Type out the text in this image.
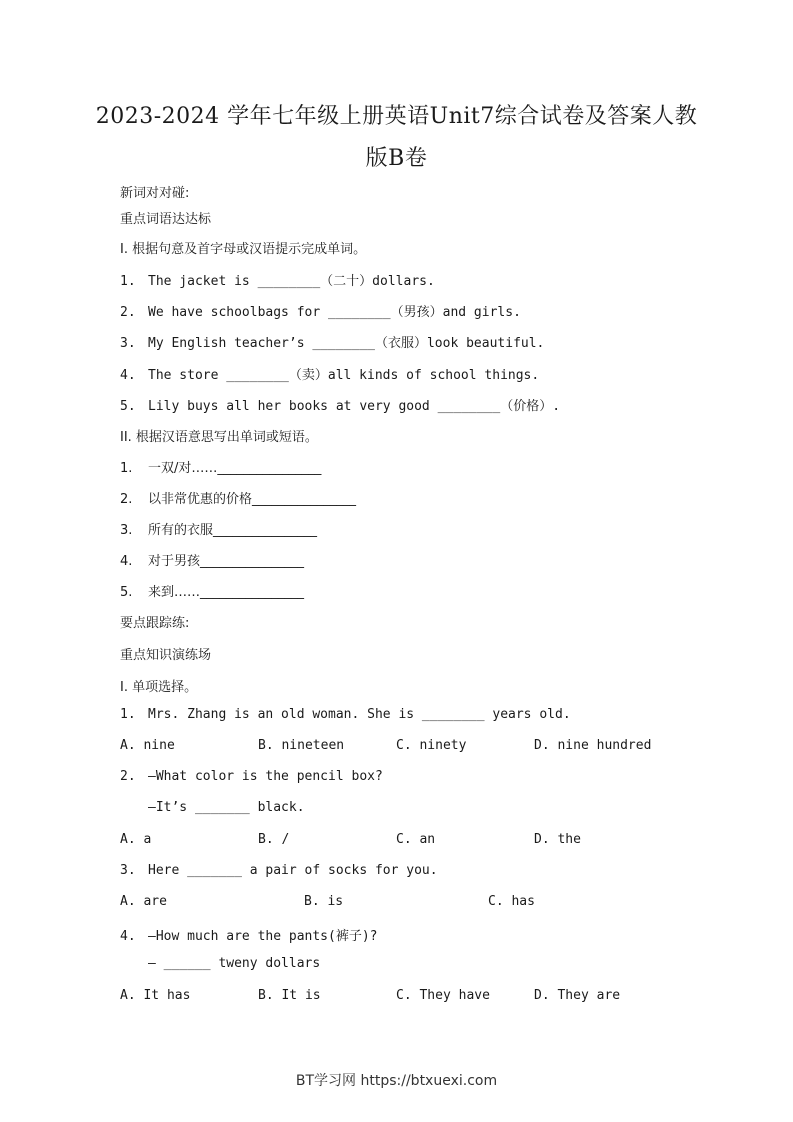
2023-2024 学年七年级上册英语Unit7综合试卷及答案人教
版B卷
新词对对碰:
重点词语达达标
I. 根据句意及首字母或汉语提示完成单词。
1. The jacket is ________（二十）dollars.
2. We have schoolbags for ________（男孩）and girls.
3. My English teacher’s ________（衣服）look beautiful.
4. The store ________（卖）all kinds of school things.
5. Lily buys all her books at very good ________（价格）.
II. 根据汉语意思写出单词或短语。
1. 一双/对……________________
2. 以非常优惠的价格________________
3. 所有的衣服________________
4. 对于男孩________________
5. 来到……________________
要点跟踪练:
重点知识演练场
I. 单项选择。
1. Mrs. Zhang is an old woman. She is ________ years old.
A. nine	B. nineteen	C. ninety	D. nine hundred
2. —What color is the pencil box?
—It’s _______ black.
A. a	B. /	C. an	D. the
3. Here _______ a pair of socks for you.
A. are	B. is	C. has
4. —How much are the pants(裤子)?
— ______ tweny dollars
A. It has	B. It is	C. They have	D. They are
BT学习网 https://btxuexi.com
